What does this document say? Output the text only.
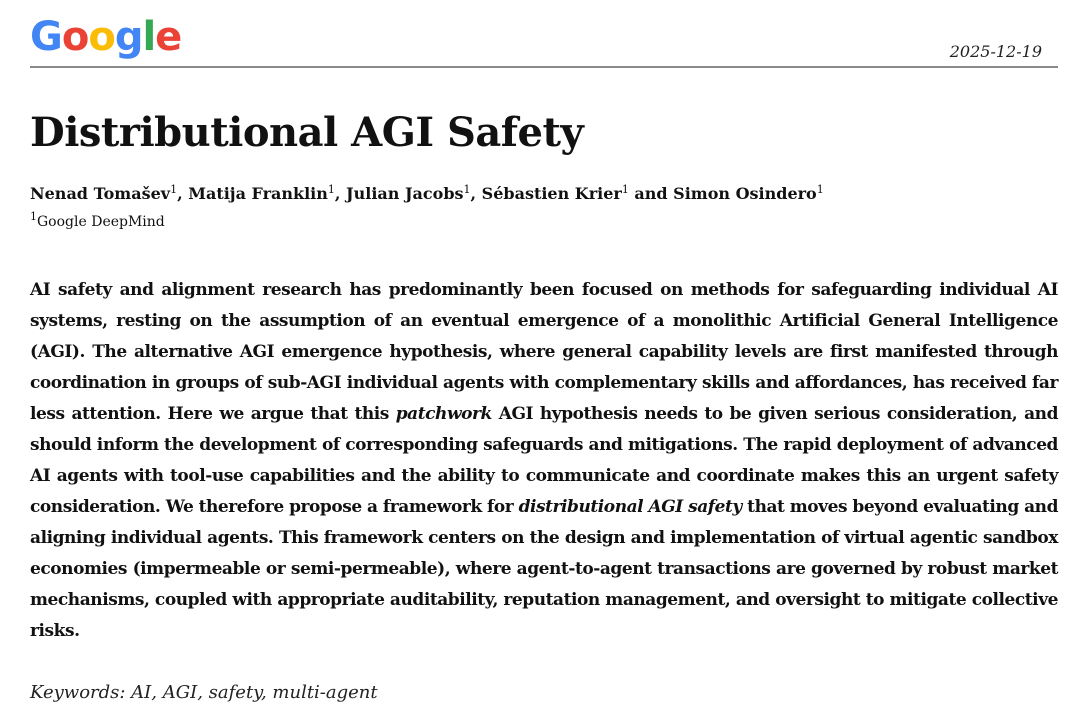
Google	2025-12-19
Distributional AGI Safety
Nenad Tomašev$^1$, Matija Franklin$^1$, Julian Jacobs$^1$, Sébastien Krier$^1$ and Simon Osindero$^1$
$^1$Google DeepMind

AI safety and alignment research has predominantly been focused on methods for safeguarding individual AI systems, resting on the assumption of an eventual emergence of a monolithic Artificial General Intelligence (AGI). The alternative AGI emergence hypothesis, where general capability levels are first manifested through coordination in groups of sub-AGI individual agents with complementary skills and affordances, has received far less attention. Here we argue that this patchwork AGI hypothesis needs to be given serious consideration, and should inform the development of corresponding safeguards and mitigations. The rapid deployment of advanced AI agents with tool-use capabilities and the ability to communicate and coordinate makes this an urgent safety consideration. We therefore propose a framework for distributional AGI safety that moves beyond evaluating and aligning individual agents. This framework centers on the design and implementation of virtual agentic sandbox economies (impermeable or semi-permeable), where agent-to-agent transactions are governed by robust market mechanisms, coupled with appropriate auditability, reputation management, and oversight to mitigate collective risks.

Keywords: AI, AGI, safety, multi-agent
